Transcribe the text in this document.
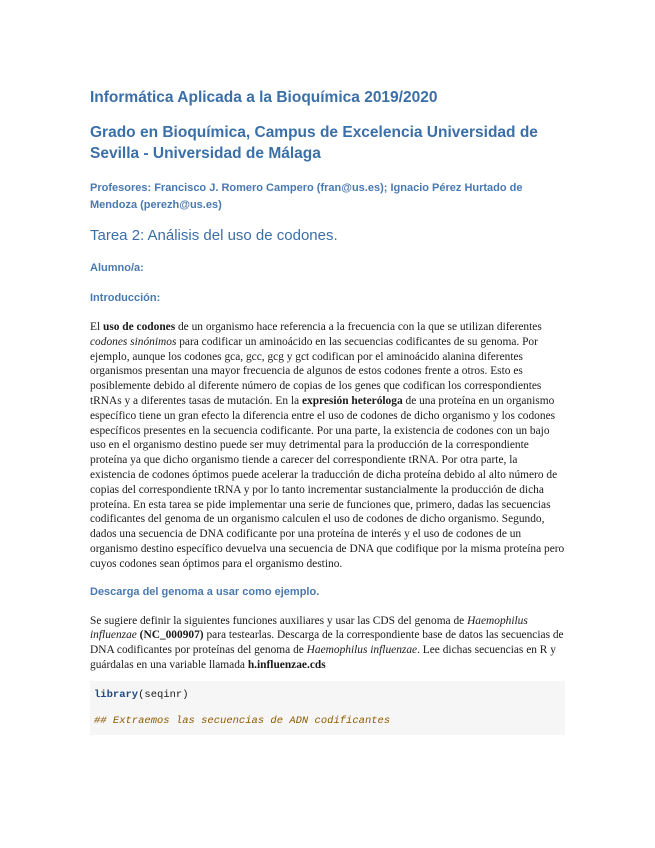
Informática Aplicada a la Bioquímica 2019/2020
Grado en Bioquímica, Campus de Excelencia Universidad de Sevilla - Universidad de Málaga
Profesores: Francisco J. Romero Campero (fran@us.es); Ignacio Pérez Hurtado de Mendoza (perezh@us.es)
Tarea 2: Análisis del uso de codones.
Alumno/a:
Introducción:

El uso de codones de un organismo hace referencia a la frecuencia con la que se utilizan diferentes codones sinónimos para codificar un aminoácido en las secuencias codificantes de su genoma. Por ejemplo, aunque los codones gca, gcc, gcg y gct codifican por el aminoácido alanina diferentes organismos presentan una mayor frecuencia de algunos de estos codones frente a otros. Esto es posiblemente debido al diferente número de copias de los genes que codifican los correspondientes tRNAs y a diferentes tasas de mutación. En la expresión heteróloga de una proteína en un organismo específico tiene un gran efecto la diferencia entre el uso de codones de dicho organismo y los codones específicos presentes en la secuencia codificante. Por una parte, la existencia de codones con un bajo uso en el organismo destino puede ser muy detrimental para la producción de la correspondiente proteína ya que dicho organismo tiende a carecer del correspondiente tRNA. Por otra parte, la existencia de codones óptimos puede acelerar la traducción de dicha proteína debido al alto número de copias del correspondiente tRNA y por lo tanto incrementar sustancialmente la producción de dicha proteína. En esta tarea se pide implementar una serie de funciones que, primero, dadas las secuencias codificantes del genoma de un organismo calculen el uso de codones de dicho organismo. Segundo, dados una secuencia de DNA codificante por una proteína de interés y el uso de codones de un organismo destino específico devuelva una secuencia de DNA que codifique por la misma proteína pero cuyos codones sean óptimos para el organismo destino.

Descarga del genoma a usar como ejemplo.

Se sugiere definir la siguientes funciones auxiliares y usar las CDS del genoma de Haemophilus influenzae (NC_000907) para testearlas. Descarga de la correspondiente base de datos las secuencias de DNA codificantes por proteínas del genoma de Haemophilus influenzae. Lee dichas secuencias en R y guárdalas en una variable llamada h.influenzae.cds

library(seqinr)
## Extraemos las secuencias de ADN codificantes
